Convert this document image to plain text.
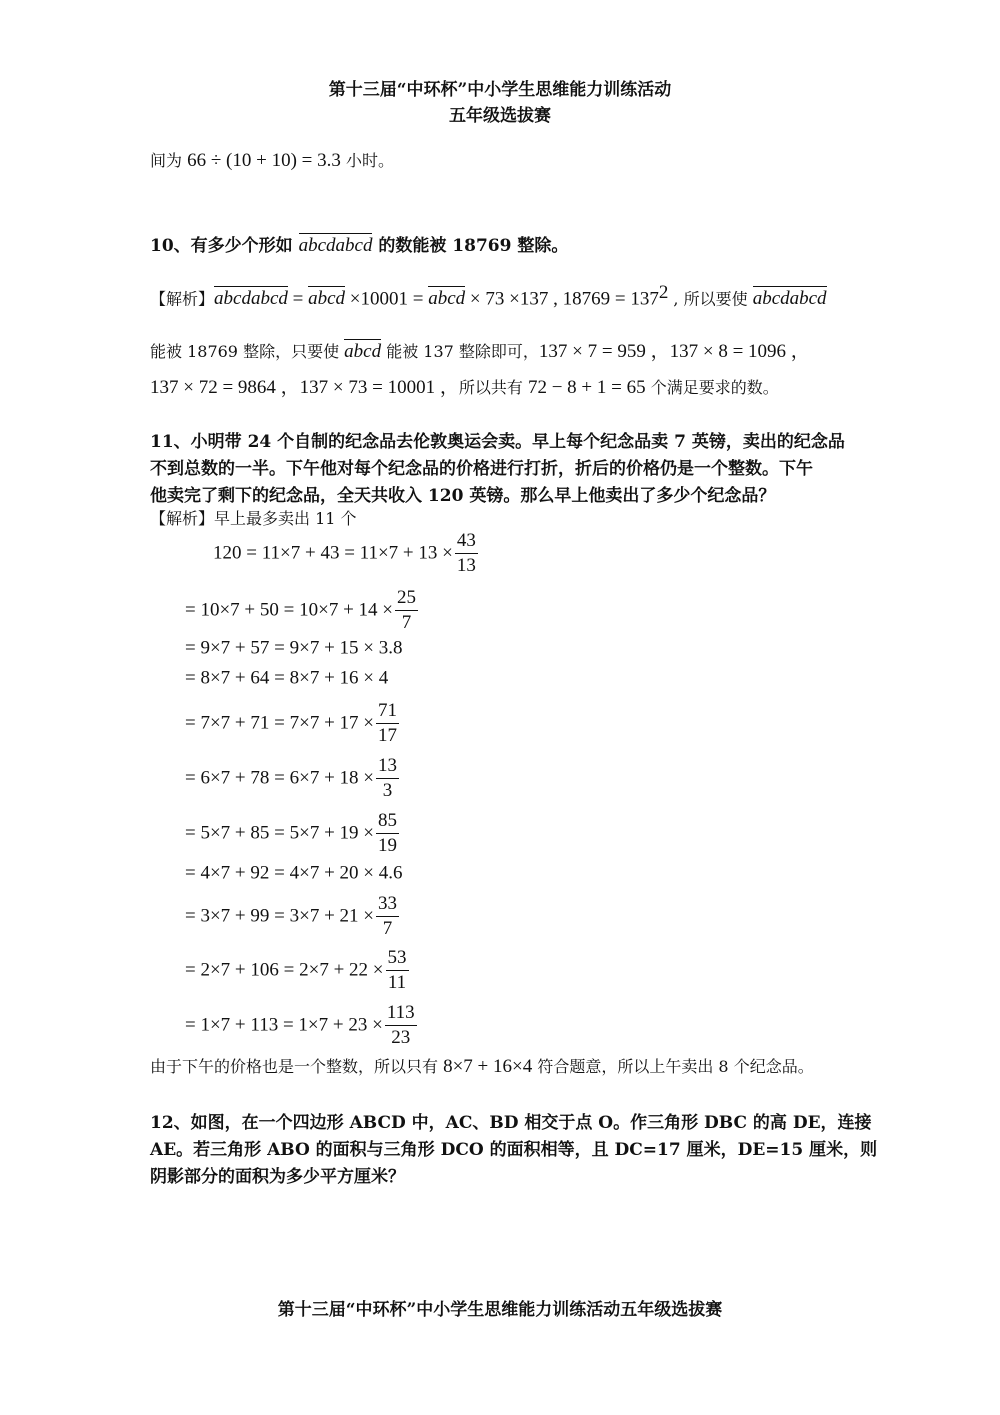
第十三届“中环杯”中小学生思维能力训练活动
五年级选拔赛
间为 66 ÷ (10 + 10) = 3.3 小时。
10、有多少个形如 abcdabcd 的数能被 18769 整除。
【解析】abcdabcd = abcd ×10001 = abcd × 73 ×137 , $18769 = 137^2$ , 所以要使 abcdabcd
能被 18769 整除，只要使 abcd 能被 137 整除即可，137 × 7 = 959 ，137 × 8 = 1096 ，
137 × 72 = 9864 ，137 × 73 = 10001 ，所以共有 72 − 8 + 1 = 65 个满足要求的数。
11、小明带 24 个自制的纪念品去伦敦奥运会卖。早上每个纪念品卖 7 英镑，卖出的纪念品
不到总数的一半。下午他对每个纪念品的价格进行打折，折后的价格仍是一个整数。下午
他卖完了剩下的纪念品，全天共收入 120 英镑。那么早上他卖出了多少个纪念品？
【解析】早上最多卖出 11 个
$120 = 11\times 7 + 43 = 11\times 7 + 13 \times \frac{43}{13}$
= $10\times 7 + 50 = 10\times 7 + 14 \times \frac{25}{7}$
= 9×7 + 57 = 9×7 + 15 × 3.8
= 8×7 + 64 = 8×7 + 16 × 4
= $7\times 7 + 71 = 7\times 7 + 17 \times \frac{71}{17}$
= $6\times 7 + 78 = 6\times 7 + 18 \times \frac{13}{3}$
= $5\times 7 + 85 = 5\times 7 + 19 \times \frac{85}{19}$
= 4×7 + 92 = 4×7 + 20 × 4.6
= $3\times 7 + 99 = 3\times 7 + 21 \times \frac{33}{7}$
= $2\times 7 + 106 = 2\times 7 + 22 \times \frac{53}{11}$
= $1\times 7 + 113 = 1\times 7 + 23 \times \frac{113}{23}$
由于下午的价格也是一个整数，所以只有 8×7 + 16×4 符合题意，所以上午卖出 8 个纪念品。
12、如图，在一个四边形 ABCD 中，AC、BD 相交于点 O。作三角形 DBC 的高 DE，连接
AE。若三角形 ABO 的面积与三角形 DCO 的面积相等，且 DC=17 厘米，DE=15 厘米，则
阴影部分的面积为多少平方厘米？
第十三届“中环杯”中小学生思维能力训练活动五年级选拔赛
